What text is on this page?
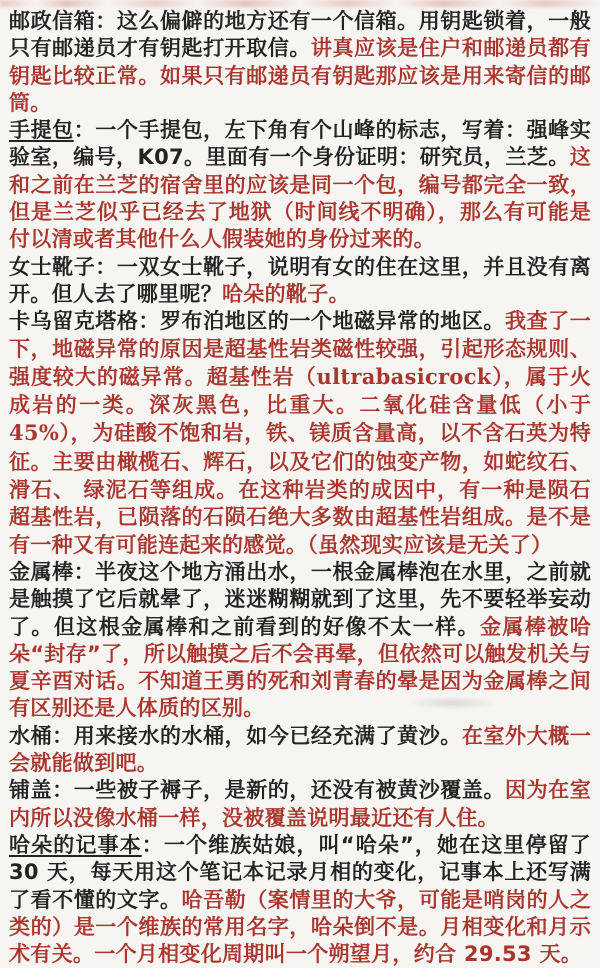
邮政信箱：这么偏僻的地方还有一个信箱。用钥匙锁着，一般只有邮递员才有钥匙打开取信。讲真应该是住户和邮递员都有钥匙比较正常。如果只有邮递员有钥匙那应该是用来寄信的邮筒。

手提包：一个手提包，左下角有个山峰的标志，写着：强峰实验室，编号，K07。里面有一个身份证明：研究员，兰芝。这和之前在兰芝的宿舍里的应该是同一个包，编号都完全一致，但是兰芝似乎已经去了地狱（时间线不明确），那么有可能是付以清或者其他什么人假装她的身份过来的。

女士靴子：一双女士靴子，说明有女的住在这里，并且没有离开。但人去了哪里呢？哈朵的靴子。

卡乌留克塔格：罗布泊地区的一个地磁异常的地区。我查了一下，地磁异常的原因是超基性岩类磁性较强，引起形态规则、强度较大的磁异常。超基性岩（ultrabasicrock），属于火成岩的一类。深灰黑色，比重大。二氧化硅含量低（小于 45%），为硅酸不饱和岩，铁、镁质含量高，以不含石英为特征。主要由橄榄石、辉石，以及它们的蚀变产物，如蛇纹石、滑石、 绿泥石等组成。在这种岩类的成因中，有一种是陨石超基性岩，已陨落的石陨石绝大多数由超基性岩组成。是不是有一种又有可能连起来的感觉。（虽然现实应该是无关了）

金属棒：半夜这个地方涌出水，一根金属棒泡在水里，之前就是触摸了它后就晕了，迷迷糊糊就到了这里，先不要轻举妄动了。但这根金属棒和之前看到的好像不太一样。金属棒被哈朵“封存”了，所以触摸之后不会再晕，但依然可以触发机关与夏辛酉对话。不知道王勇的死和刘青春的晕是因为金属棒之间有区别还是人体质的区别。

水桶：用来接水的水桶，如今已经充满了黄沙。在室外大概一会就能做到吧。

铺盖：一些被子褥子，是新的，还没有被黄沙覆盖。因为在室内所以没像水桶一样，没被覆盖说明最近还有人住。

哈朵的记事本：一个维族姑娘，叫“哈朵”，她在这里停留了 30 天，每天用这个笔记本记录月相的变化，记事本上还写满了看不懂的文字。哈吾勒（案情里的大爷，可能是哨岗的人之类的）是一个维族的常用名字，哈朵倒不是。月相变化和月示术有关。一个月相变化周期叫一个朔望月，约合 29.53 天。
